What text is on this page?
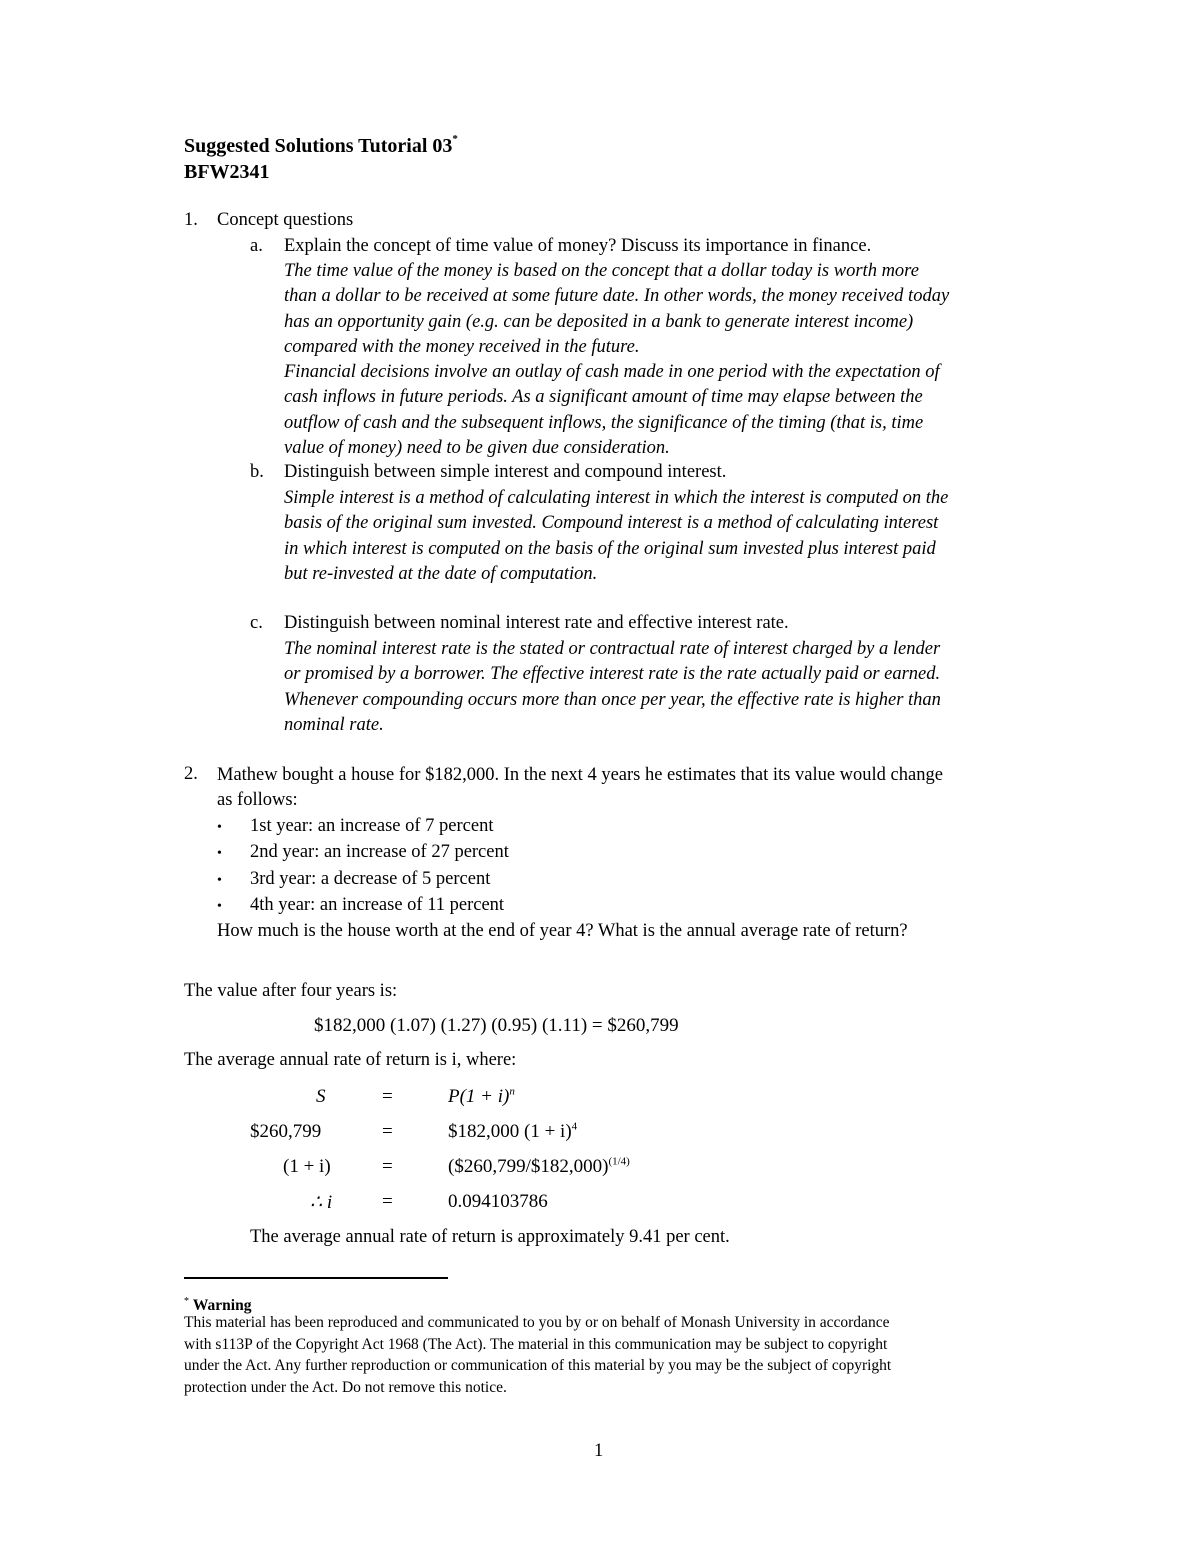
Suggested Solutions Tutorial 03*
BFW2341
1. Concept questions
a. Explain the concept of time value of money? Discuss its importance in finance.
The time value of the money is based on the concept that a dollar today is worth more
than a dollar to be received at some future date. In other words, the money received today
has an opportunity gain (e.g. can be deposited in a bank to generate interest income)
compared with the money received in the future.
Financial decisions involve an outlay of cash made in one period with the expectation of
cash inflows in future periods. As a significant amount of time may elapse between the
outflow of cash and the subsequent inflows, the significance of the timing (that is, time
value of money) need to be given due consideration.
b. Distinguish between simple interest and compound interest.
Simple interest is a method of calculating interest in which the interest is computed on the
basis of the original sum invested. Compound interest is a method of calculating interest
in which interest is computed on the basis of the original sum invested plus interest paid
but re-invested at the date of computation.
c. Distinguish between nominal interest rate and effective interest rate.
The nominal interest rate is the stated or contractual rate of interest charged by a lender
or promised by a borrower. The effective interest rate is the rate actually paid or earned.
Whenever compounding occurs more than once per year, the effective rate is higher than
nominal rate.
2. Mathew bought a house for $182,000. In the next 4 years he estimates that its value would change
as follows:
• 1st year: an increase of 7 percent
• 2nd year: an increase of 27 percent
• 3rd year: a decrease of 5 percent
• 4th year: an increase of 11 percent
How much is the house worth at the end of year 4? What is the annual average rate of return?
The value after four years is:
$182,000 (1.07) (1.27) (0.95) (1.11) = $260,799
The average annual rate of return is i, where:
S	=	$P(1 + i)^n$
$260,799	=	$182,000 $(1 + i)^4$
(1 + i)	=	($260,799/$182,000)$^{(1/4)}$
∴ i	=	0.094103786
The average annual rate of return is approximately 9.41 per cent.
* Warning
This material has been reproduced and communicated to you by or on behalf of Monash University in accordance
with s113P of the Copyright Act 1968 (The Act). The material in this communication may be subject to copyright
under the Act. Any further reproduction or communication of this material by you may be the subject of copyright
protection under the Act. Do not remove this notice.
1
